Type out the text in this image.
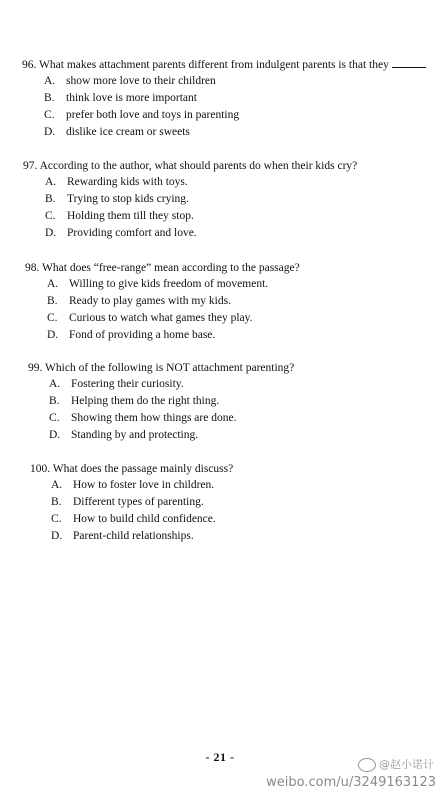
96. What makes attachment parents different from indulgent parents is that they
A. show more love to their children
B. think love is more important
C. prefer both love and toys in parenting
D. dislike ice cream or sweets
97. According to the author, what should parents do when their kids cry?
A. Rewarding kids with toys.
B. Trying to stop kids crying.
C. Holding them till they stop.
D. Providing comfort and love.
98. What does “free-range” mean according to the passage?
A. Willing to give kids freedom of movement.
B. Ready to play games with my kids.
C. Curious to watch what games they play.
D. Fond of providing a home base.
99. Which of the following is NOT attachment parenting?
A. Fostering their curiosity.
B. Helping them do the right thing.
C. Showing them how things are done.
D. Standing by and protecting.
100. What does the passage mainly discuss?
A. How to foster love in children.
B. Different types of parenting.
C. How to build child confidence.
D. Parent-child relationships.
- 21 -
@赵小诺计
weibo.com/u/3249163123
